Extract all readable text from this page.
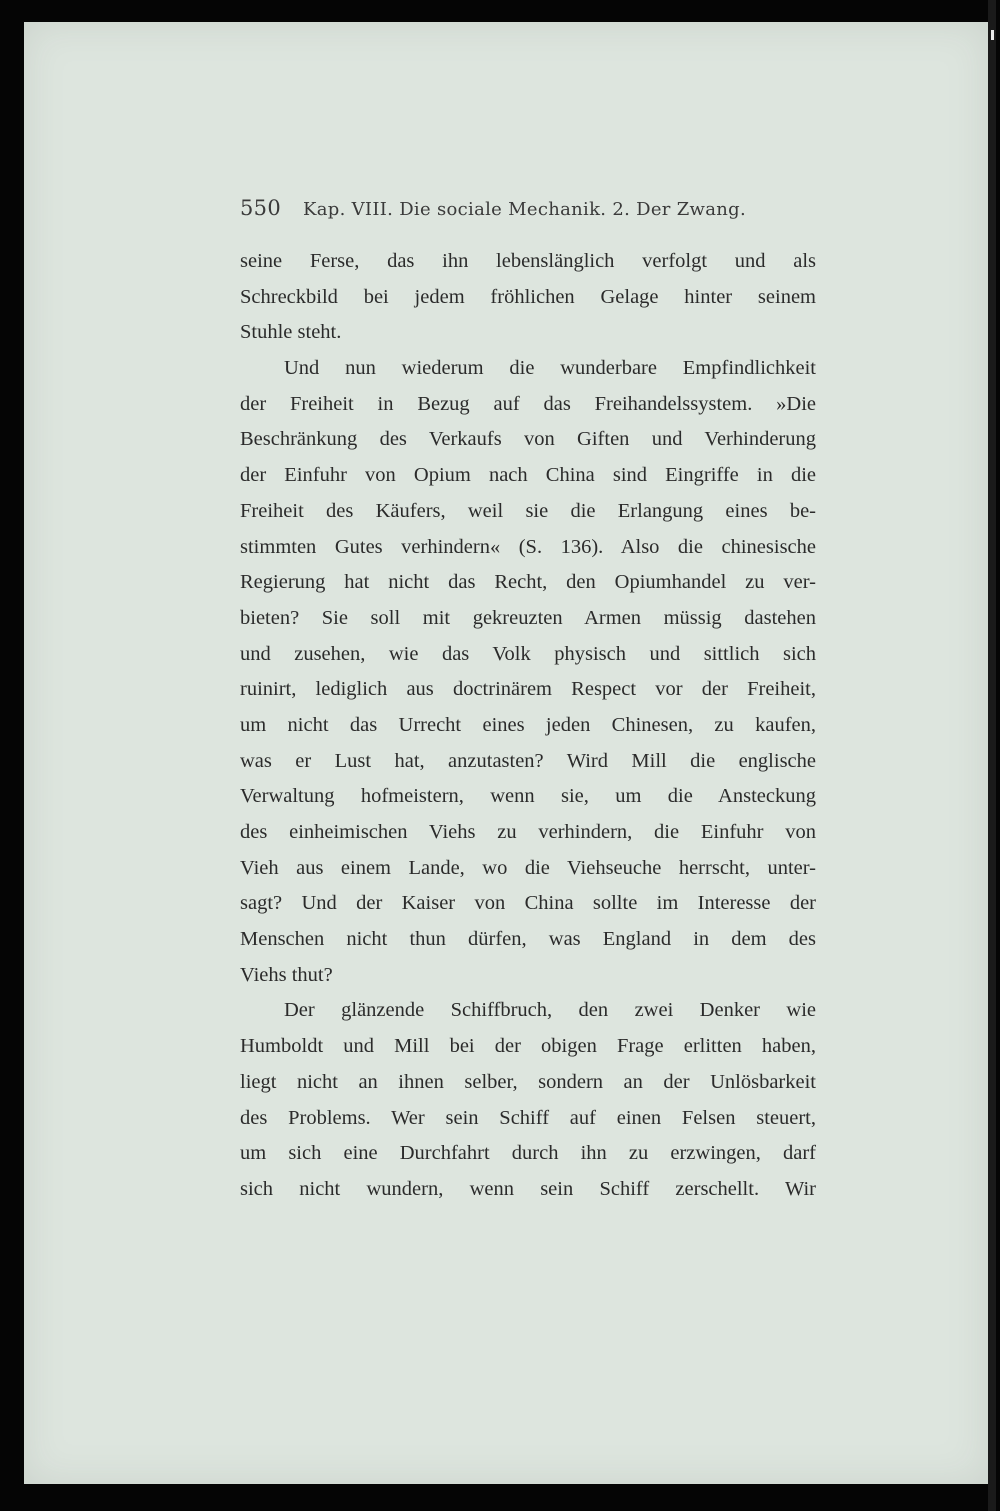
550 Kap. VIII. Die sociale Mechanik. 2. Der Zwang.
seine Ferse, das ihn lebenslänglich verfolgt und als
Schreckbild bei jedem fröhlichen Gelage hinter seinem
Stuhle steht.
Und nun wiederum die wunderbare Empfindlichkeit
der Freiheit in Bezug auf das Freihandelssystem. »Die
Beschränkung des Verkaufs von Giften und Verhinderung
der Einfuhr von Opium nach China sind Eingriffe in die
Freiheit des Käufers, weil sie die Erlangung eines be-
stimmten Gutes verhindern« (S. 136). Also die chinesische
Regierung hat nicht das Recht, den Opiumhandel zu ver-
bieten? Sie soll mit gekreuzten Armen müssig dastehen
und zusehen, wie das Volk physisch und sittlich sich
ruinirt, lediglich aus doctrinärem Respect vor der Freiheit,
um nicht das Urrecht eines jeden Chinesen, zu kaufen,
was er Lust hat, anzutasten? Wird Mill die englische
Verwaltung hofmeistern, wenn sie, um die Ansteckung
des einheimischen Viehs zu verhindern, die Einfuhr von
Vieh aus einem Lande, wo die Viehseuche herrscht, unter-
sagt? Und der Kaiser von China sollte im Interesse der
Menschen nicht thun dürfen, was England in dem des
Viehs thut?
Der glänzende Schiffbruch, den zwei Denker wie
Humboldt und Mill bei der obigen Frage erlitten haben,
liegt nicht an ihnen selber, sondern an der Unlösbarkeit
des Problems. Wer sein Schiff auf einen Felsen steuert,
um sich eine Durchfahrt durch ihn zu erzwingen, darf
sich nicht wundern, wenn sein Schiff zerschellt. Wir
